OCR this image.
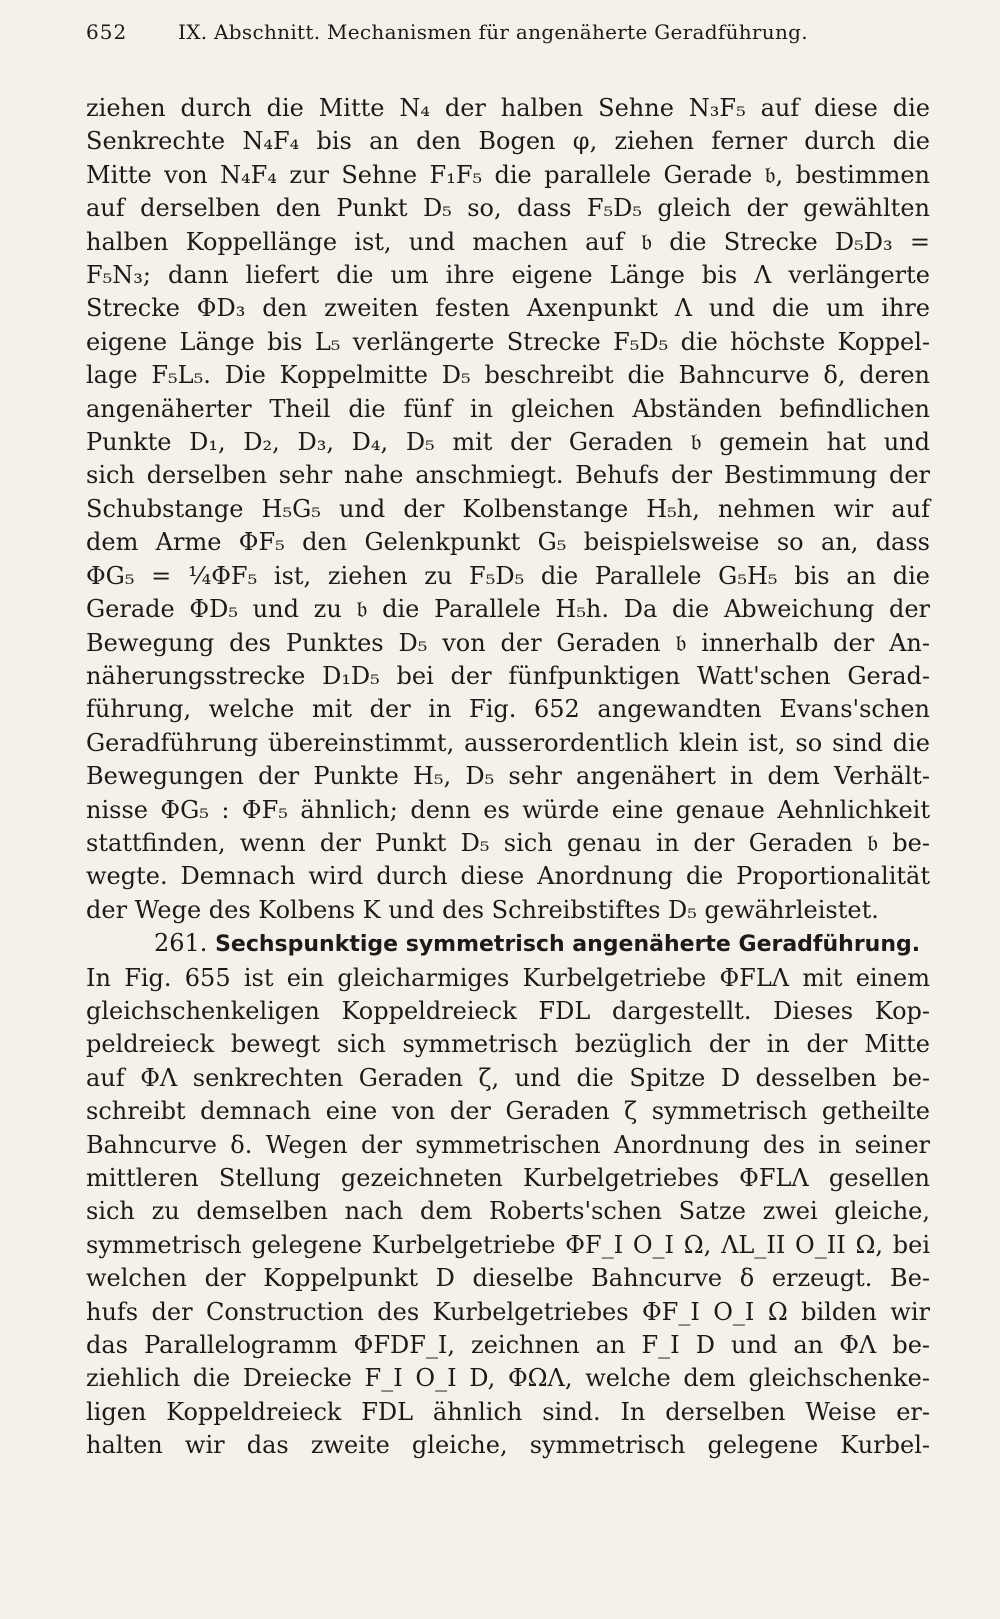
652	IX. Abschnitt. Mechanismen für angenäherte Geradführung.
ziehen durch die Mitte N₄ der halben Sehne N₃F₅ auf diese die
Senkrechte N₄F₄ bis an den Bogen φ, ziehen ferner durch die
Mitte von N₄F₄ zur Sehne F₁F₅ die parallele Gerade 𝔟, bestimmen
auf derselben den Punkt D₅ so, dass F₅D₅ gleich der gewählten
halben Koppellänge ist, und machen auf 𝔟 die Strecke D₅D₃ =
F₅N₃; dann liefert die um ihre eigene Länge bis Λ verlängerte
Strecke ΦD₃ den zweiten festen Axenpunkt Λ und die um ihre
eigene Länge bis L₅ verlängerte Strecke F₅D₅ die höchste Koppel-
lage F₅L₅. Die Koppelmitte D₅ beschreibt die Bahncurve δ, deren
angenäherter Theil die fünf in gleichen Abständen befindlichen
Punkte D₁, D₂, D₃, D₄, D₅ mit der Geraden 𝔟 gemein hat und
sich derselben sehr nahe anschmiegt. Behufs der Bestimmung der
Schubstange H₅G₅ und der Kolbenstange H₅h, nehmen wir auf
dem Arme ΦF₅ den Gelenkpunkt G₅ beispielsweise so an, dass
ΦG₅ = ¼ΦF₅ ist, ziehen zu F₅D₅ die Parallele G₅H₅ bis an die
Gerade ΦD₅ und zu 𝔟 die Parallele H₅h. Da die Abweichung der
Bewegung des Punktes D₅ von der Geraden 𝔟 innerhalb der An-
näherungsstrecke D₁D₅ bei der fünfpunktigen Watt'schen Gerad-
führung, welche mit der in Fig. 652 angewandten Evans'schen
Geradführung übereinstimmt, ausserordentlich klein ist, so sind die
Bewegungen der Punkte H₅, D₅ sehr angenähert in dem Verhält-
nisse ΦG₅ : ΦF₅ ähnlich; denn es würde eine genaue Aehnlichkeit
stattfinden, wenn der Punkt D₅ sich genau in der Geraden 𝔟 be-
wegte. Demnach wird durch diese Anordnung die Proportionalität
der Wege des Kolbens K und des Schreibstiftes D₅ gewährleistet.
261. Sechspunktige symmetrisch angenäherte Geradführung.
In Fig. 655 ist ein gleicharmiges Kurbelgetriebe ΦFLΛ mit einem
gleichschenkeligen Koppeldreieck FDL dargestellt. Dieses Kop-
peldreieck bewegt sich symmetrisch bezüglich der in der Mitte
auf ΦΛ senkrechten Geraden ζ, und die Spitze D desselben be-
schreibt demnach eine von der Geraden ζ symmetrisch getheilte
Bahncurve δ. Wegen der symmetrischen Anordnung des in seiner
mittleren Stellung gezeichneten Kurbelgetriebes ΦFLΛ gesellen
sich zu demselben nach dem Roberts'schen Satze zwei gleiche,
symmetrisch gelegene Kurbelgetriebe ΦF_I O_I Ω, ΛL_II O_II Ω, bei
welchen der Koppelpunkt D dieselbe Bahncurve δ erzeugt. Be-
hufs der Construction des Kurbelgetriebes ΦF_I O_I Ω bilden wir
das Parallelogramm ΦFDF_I, zeichnen an F_I D und an ΦΛ be-
ziehlich die Dreiecke F_I O_I D, ΦΩΛ, welche dem gleichschenke-
ligen Koppeldreieck FDL ähnlich sind. In derselben Weise er-
halten wir das zweite gleiche, symmetrisch gelegene Kurbel-
